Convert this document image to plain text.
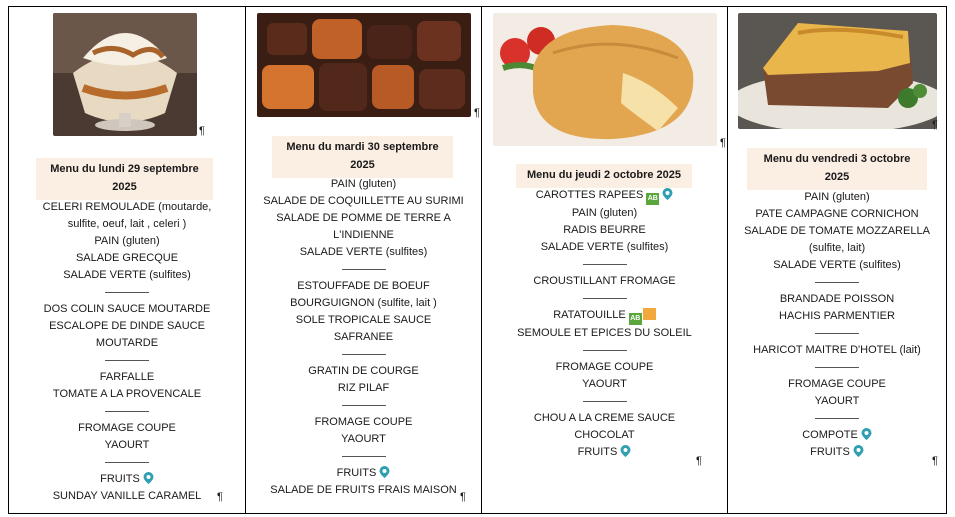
¶
Menu du lundi 29 septembre
2025
CELERI REMOULADE (moutarde,
sulfite, oeuf, lait , celeri )
PAIN (gluten)
SALADE GRECQUE
SALADE VERTE (sulfites)
DOS COLIN SAUCE MOUTARDE
ESCALOPE DE DINDE SAUCE
MOUTARDE
FARFALLE
TOMATE A LA PROVENCALE
FROMAGE COUPE
YAOURT
FRUITS
SUNDAY VANILLE CARAMEL	¶
¶
Menu du mardi 30 septembre
2025
PAIN (gluten)
SALADE DE COQUILLETTE AU SURIMI
SALADE DE POMME DE TERRE A
L'INDIENNE
SALADE VERTE (sulfites)
ESTOUFFADE DE BOEUF
BOURGUIGNON (sulfite, lait )
SOLE TROPICALE SAUCE
SAFRANEE
GRATIN DE COURGE
RIZ PILAF
FROMAGE COUPE
YAOURT
FRUITS
SALADE DE FRUITS FRAIS MAISON
¶
¶
Menu du jeudi 2 octobre 2025
CAROTTES RAPEES AB
PAIN (gluten)
RADIS BEURRE
SALADE VERTE (sulfites)
CROUSTILLANT FROMAGE
RATATOUILLE AB
SEMOULE ET EPICES DU SOLEIL
FROMAGE COUPE
YAOURT
CHOU A LA CREME SAUCE
CHOCOLAT
FRUITS
¶
¶
Menu du vendredi 3 octobre
2025
PAIN (gluten)
PATE CAMPAGNE CORNICHON
SALADE DE TOMATE MOZZARELLA
(sulfite, lait)
SALADE VERTE (sulfites)
BRANDADE POISSON
HACHIS PARMENTIER
HARICOT MAITRE D'HOTEL (lait)
FROMAGE COUPE
YAOURT
COMPOTE
FRUITS
¶
